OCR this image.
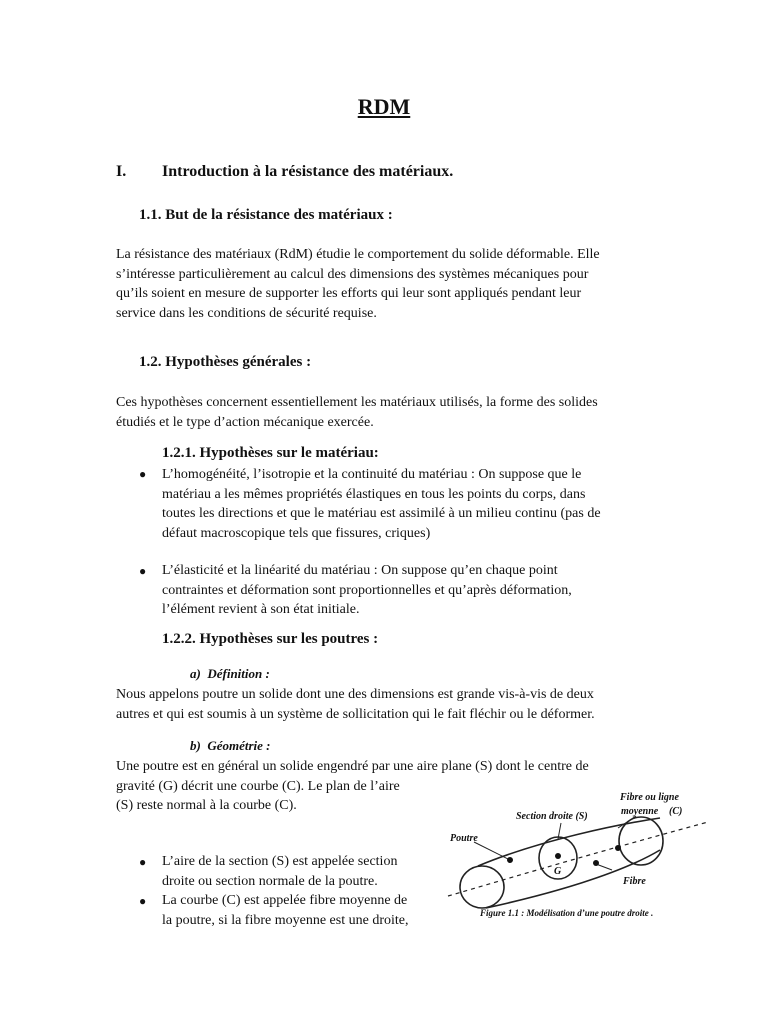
RDM
I. Introduction à la résistance des matériaux.
1.1. But de la résistance des matériaux :
La résistance des matériaux (RdM) étudie le comportement du solide déformable. Elle
s’intéresse particulièrement au calcul des dimensions des systèmes mécaniques pour
qu’ils soient en mesure de supporter les efforts qui leur sont appliqués pendant leur
service dans les conditions de sécurité requise.
1.2. Hypothèses générales :
Ces hypothèses concernent essentiellement les matériaux utilisés, la forme des solides
étudiés et le type d’action mécanique exercée.
1.2.1. Hypothèses sur le matériau:
● L’homogénéité, l’isotropie et la continuité du matériau : On suppose que le
matériau a les mêmes propriétés élastiques en tous les points du corps, dans
toutes les directions et que le matériau est assimilé à un milieu continu (pas de
défaut macroscopique tels que fissures, criques)
● L’élasticité et la linéarité du matériau : On suppose qu’en chaque point
contraintes et déformation sont proportionnelles et qu’après déformation,
l’élément revient à son état initiale.
1.2.2. Hypothèses sur les poutres :
a) Définition :
Nous appelons poutre un solide dont une des dimensions est grande vis-à-vis de deux
autres et qui est soumis à un système de sollicitation qui le fait fléchir ou le déformer.
b) Géométrie :
Une poutre est en général un solide engendré par une aire plane (S) dont le centre de
gravité (G) décrit une courbe (C). Le plan de l’aire
(S) reste normal à la courbe (C).
● L’aire de la section (S) est appelée section
droite ou section normale de la poutre.
● La courbe (C) est appelée fibre moyenne de
la poutre, si la fibre moyenne est une droite,
Poutre
Section droite (S)
Fibre ou ligne
moyenne (C)
G
Fibre
Figure 1.1 : Modélisation d’une poutre droite .
